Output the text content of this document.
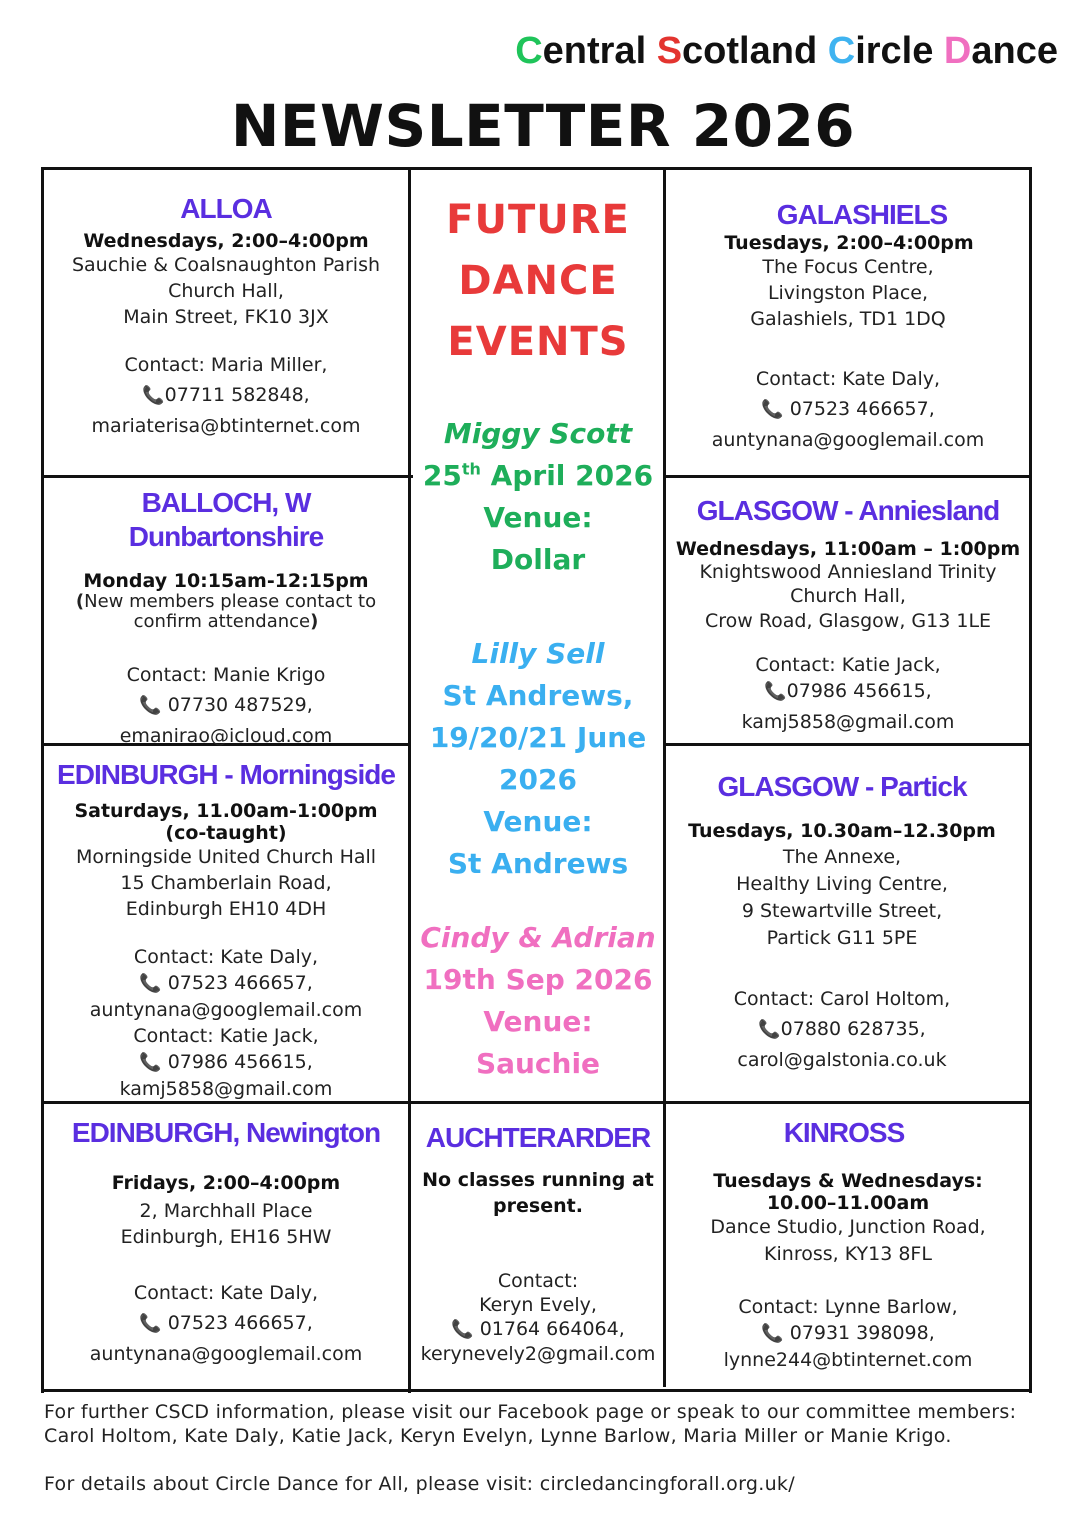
Central Scotland Circle Dance
NEWSLETTER 2026
ALLOA
Wednesdays, 2:00–4:00pm
Sauchie & Coalsnaughton Parish
Church Hall,
Main Street, FK10 3JX
Contact: Maria Miller,
📞07711 582848,
mariaterisa@btinternet.com
BALLOCH, W Dunbartonshire
Monday 10:15am-12:15pm
(New members please contact to
confirm attendance)
Contact: Manie Krigo
📞 07730 487529,
emanirao@icloud.com
EDINBURGH - Morningside
Saturdays, 11.00am-1:00pm
(co-taught)
Morningside United Church Hall
15 Chamberlain Road,
Edinburgh EH10 4DH
Contact: Kate Daly,
📞 07523 466657,
auntynana@googlemail.com
Contact: Katie Jack,
📞 07986 456615,
kamj5858@gmail.com
EDINBURGH, Newington
Fridays, 2:00–4:00pm
2, Marchhall Place
Edinburgh, EH16 5HW
Contact: Kate Daly,
📞 07523 466657,
auntynana@googlemail.com
FUTURE
DANCE
EVENTS
Miggy Scott
25th April 2026
Venue:
Dollar
Lilly Sell
St Andrews,
19/20/21 June
2026
Venue:
St Andrews
Cindy & Adrian
19th Sep 2026
Venue:
Sauchie
AUCHTERARDER
No classes running at
present.
Contact:
Keryn Evely,
📞 01764 664064,
kerynevely2@gmail.com
GALASHIELS
Tuesdays, 2:00–4:00pm
The Focus Centre,
Livingston Place,
Galashiels, TD1 1DQ
Contact: Kate Daly,
📞 07523 466657,
auntynana@googlemail.com
GLASGOW - Anniesland
Wednesdays, 11:00am – 1:00pm
Knightswood Anniesland Trinity
Church Hall,
Crow Road, Glasgow, G13 1LE
Contact: Katie Jack,
📞07986 456615,
kamj5858@gmail.com
GLASGOW - Partick
Tuesdays, 10.30am–12.30pm
The Annexe,
Healthy Living Centre,
9 Stewartville Street,
Partick G11 5PE
Contact: Carol Holtom,
📞07880 628735,
carol@galstonia.co.uk
KINROSS
Tuesdays & Wednesdays:
10.00–11.00am
Dance Studio, Junction Road,
Kinross, KY13 8FL
Contact: Lynne Barlow,
📞 07931 398098,
lynne244@btinternet.com
For further CSCD information, please visit our Facebook page or speak to our committee members:
Carol Holtom, Kate Daly, Katie Jack, Keryn Evelyn, Lynne Barlow, Maria Miller or Manie Krigo.
For details about Circle Dance for All, please visit: circledancingforall.org.uk/
